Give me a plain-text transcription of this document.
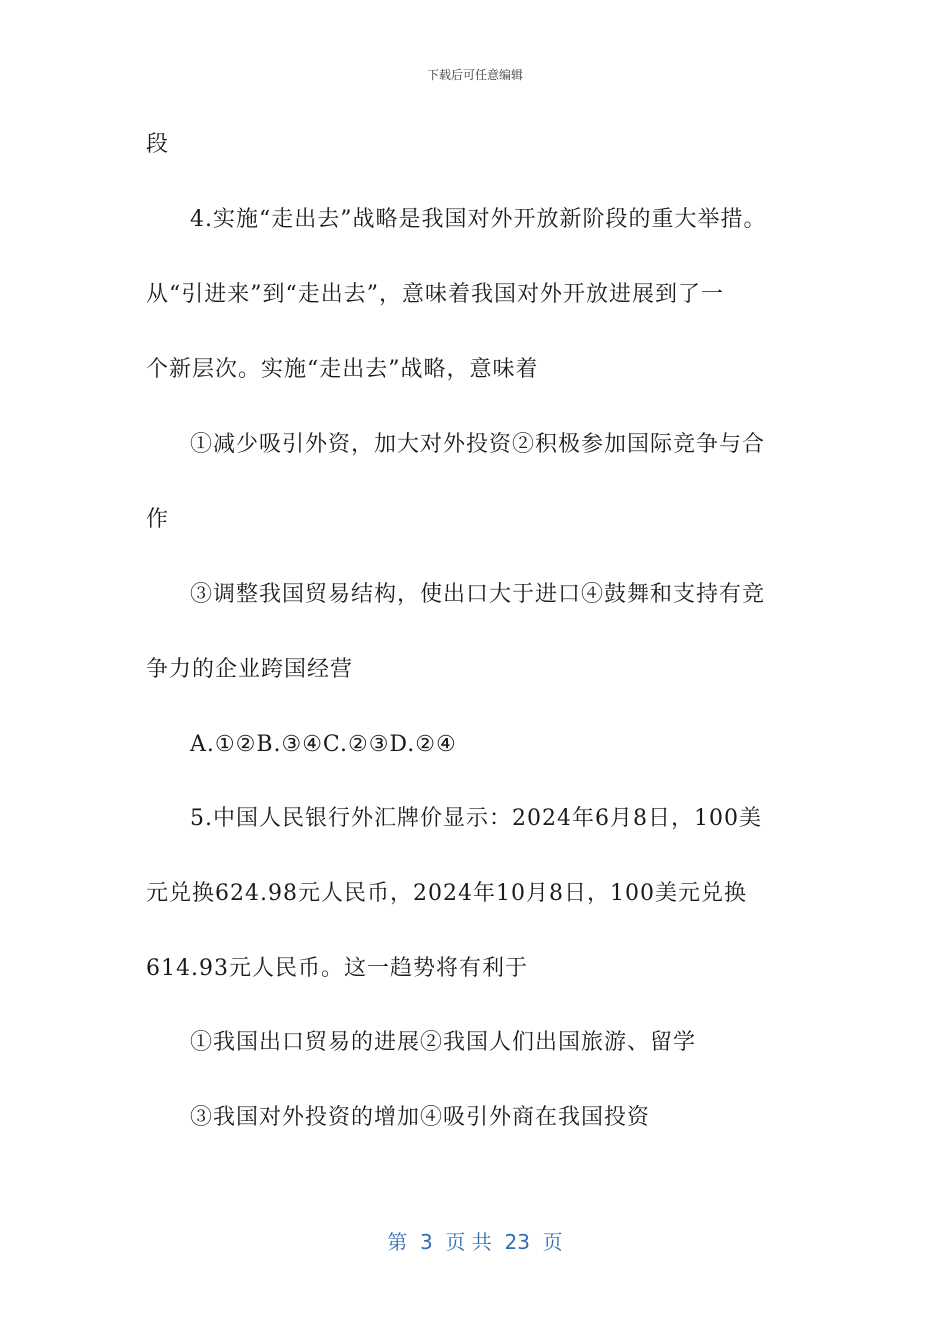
下载后可任意编辑
段
4.实施“走出去”战略是我国对外开放新阶段的重大举措。
从“引进来”到“走出去”，意味着我国对外开放进展到了一
个新层次。实施“走出去”战略，意味着
①减少吸引外资，加大对外投资②积极参加国际竞争与合
作
③调整我国贸易结构，使出口大于进口④鼓舞和支持有竞
争力的企业跨国经营
A.①②B.③④C.②③D.②④
5.中国人民银行外汇牌价显示：2024年6月8日，100美
元兑换624.98元人民币，2024年10月8日，100美元兑换
614.93元人民币。这一趋势将有利于
①我国出口贸易的进展②我国人们出国旅游、留学
③我国对外投资的增加④吸引外商在我国投资
第  3  页 共  23  页
